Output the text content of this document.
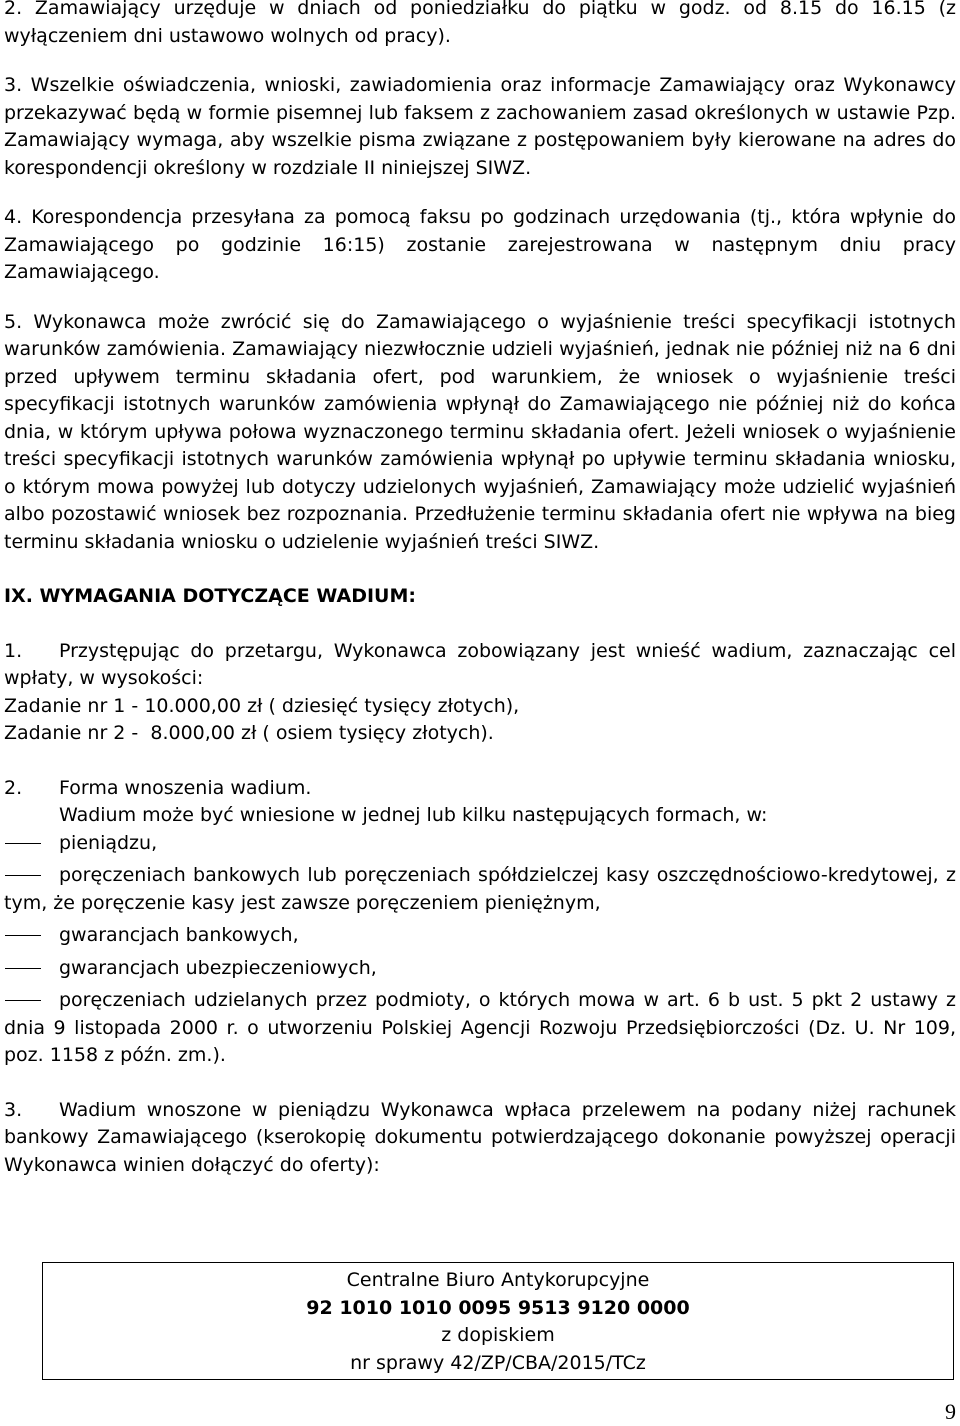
2. Zamawiający urzęduje w dniach od poniedziałku do piątku w godz. od 8.15 do 16.15 (z wyłączeniem dni ustawowo wolnych od pracy).

3. Wszelkie oświadczenia, wnioski, zawiadomienia oraz informacje Zamawiający oraz Wykonawcy przekazywać będą w formie pisemnej lub faksem z zachowaniem zasad określonych w ustawie Pzp. Zamawiający wymaga, aby wszelkie pisma związane z postępowaniem były kierowane na adres do korespondencji określony w rozdziale II niniejszej SIWZ.

4. Korespondencja przesyłana za pomocą faksu po godzinach urzędowania (tj., która wpłynie do Zamawiającego po godzinie 16:15) zostanie zarejestrowana w następnym dniu pracy Zamawiającego.

5. Wykonawca może zwrócić się do Zamawiającego o wyjaśnienie treści specyfikacji istotnych warunków zamówienia. Zamawiający niezwłocznie udzieli wyjaśnień, jednak nie później niż na 6 dni przed upływem terminu składania ofert, pod warunkiem, że wniosek o wyjaśnienie treści specyfikacji istotnych warunków zamówienia wpłynął do Zamawiającego nie później niż do końca dnia, w którym upływa połowa wyznaczonego terminu składania ofert. Jeżeli wniosek o wyjaśnienie treści specyfikacji istotnych warunków zamówienia wpłynął po upływie terminu składania wniosku, o którym mowa powyżej lub dotyczy udzielonych wyjaśnień, Zamawiający może udzielić wyjaśnień albo pozostawić wniosek bez rozpoznania. Przedłużenie terminu składania ofert nie wpływa na bieg terminu składania wniosku o udzielenie wyjaśnień treści SIWZ.

IX. WYMAGANIA DOTYCZĄCE WADIUM:

1. Przystępując do przetargu, Wykonawca zobowiązany jest wnieść wadium, zaznaczając cel wpłaty, w wysokości:

Zadanie nr 1 - 10.000,00 zł ( dziesięć tysięcy złotych),

Zadanie nr 2 -  8.000,00 zł ( osiem tysięcy złotych).

2.	Forma wnoszenia wadium.

Wadium może być wniesione w jednej lub kilku następujących formach, w:

pieniądzu,

poręczeniach bankowych lub poręczeniach spółdzielczej kasy oszczędnościowo-kredytowej, z tym, że poręczenie kasy jest zawsze poręczeniem pieniężnym,

gwarancjach bankowych,

gwarancjach ubezpieczeniowych,

poręczeniach udzielanych przez podmioty, o których mowa w art. 6 b ust. 5 pkt 2 ustawy z dnia 9 listopada 2000 r. o utworzeniu Polskiej Agencji Rozwoju Przedsiębiorczości (Dz. U. Nr 109, poz. 1158 z późn. zm.).

3. Wadium wnoszone w pieniądzu Wykonawca wpłaca przelewem na podany niżej rachunek bankowy Zamawiającego (kserokopię dokumentu potwierdzającego dokonanie powyższej operacji Wykonawca winien dołączyć do oferty):

Centralne Biuro Antykorupcyjne
92 1010 1010 0095 9513 9120 0000
z dopiskiem
nr sprawy 42/ZP/CBA/2015/TCz
9
